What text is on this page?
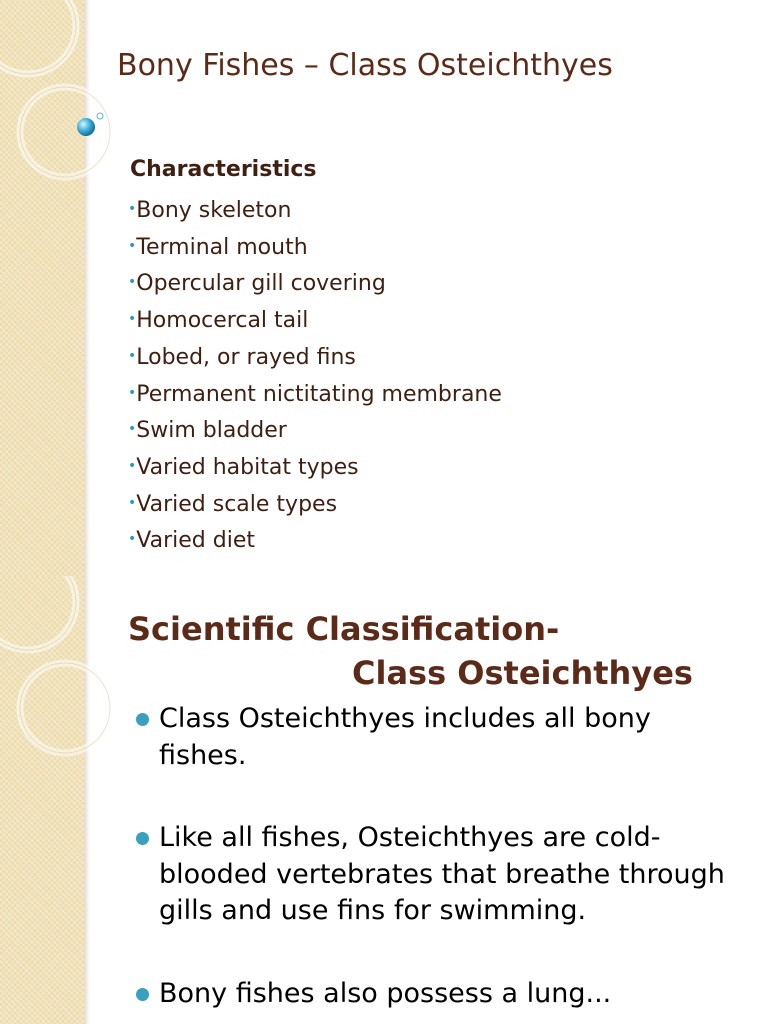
Bony Fishes – Class Osteichthyes
Characteristics
•Bony skeleton
•Terminal mouth
•Opercular gill covering
•Homocercal tail
•Lobed, or rayed fins
•Permanent nictitating membrane
•Swim bladder
•Varied habitat types
•Varied scale types
•Varied diet
Scientific Classification-
Class Osteichthyes
Class Osteichthyes includes all bony fishes.
Like all fishes, Osteichthyes are cold-blooded vertebrates that breathe through gills and use fins for swimming.
Bony fishes also possess a lung...
